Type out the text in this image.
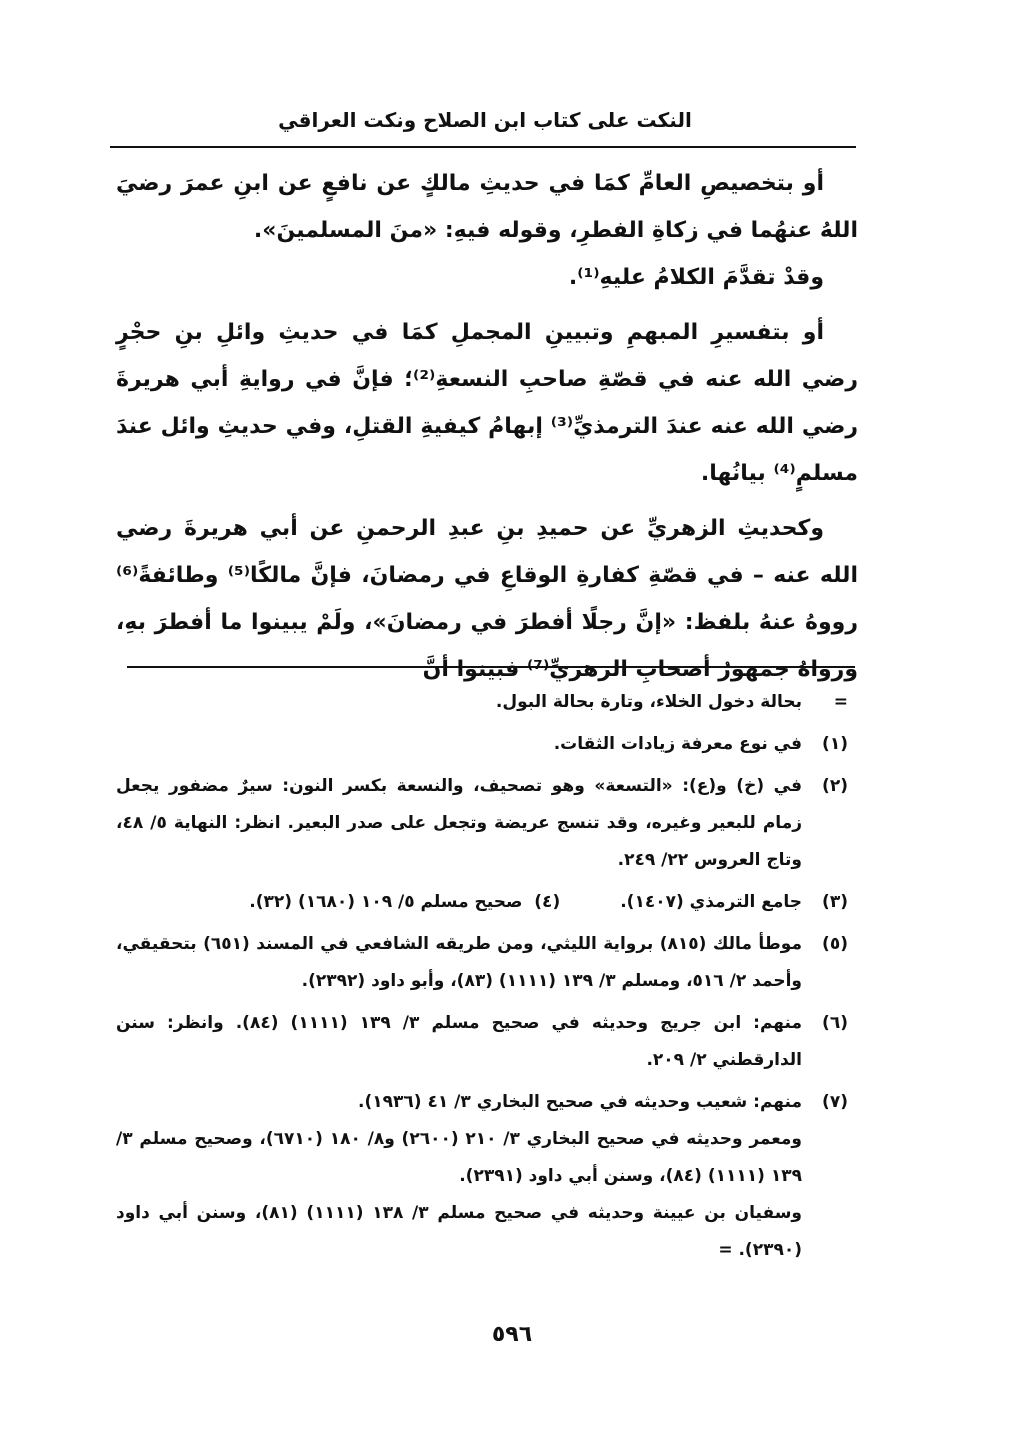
النكت على كتاب ابن الصلاح ونكت العراقي

أو بتخصيصِ العامِّ كمَا في حديثِ مالكٍ عن نافعٍ عن ابنِ عمرَ رضيَ اللهُ عنهُما في زكاةِ الفطرِ، وقوله فيهِ: «منَ المسلمينَ».

وقدْ تقدَّمَ الكلامُ عليهِ⁽¹⁾.

أو بتفسيرِ المبهمِ وتبيينِ المجملِ كمَا في حديثِ وائلِ بنِ حجْرٍ رضي الله عنه في قصّةِ صاحبِ النسعةِ⁽²⁾؛ فإنَّ في روايةِ أبي هريرةَ رضي الله عنه عندَ الترمذيِّ⁽³⁾ إبهامُ كيفيةِ القتلِ، وفي حديثِ وائل عندَ مسلمٍ⁽⁴⁾ بيانُها.

وكحديثِ الزهريِّ عن حميدِ بنِ عبدِ الرحمنِ عن أبي هريرةَ رضي الله عنه – في قصّةِ كفارةِ الوقاعِ في رمضانَ، فإنَّ مالكًا⁽⁵⁾ وطائفةً⁽⁶⁾ رووهُ عنهُ بلفظ: «إنَّ رجلًا أفطرَ في رمضانَ»، ولَمْ يبينوا ما أفطرَ بهِ، ورواهُ جمهورُ أصحابِ الزهريِّ⁽⁷⁾ فبينوا أنَّ

=
بحالة دخول الخلاء، وتارة بحالة البول.
(١)
في نوع معرفة زيادات الثقات.
(٢)
في (خ) و(ع): «التسعة» وهو تصحيف، والنسعة بكسر النون: سيرٌ مضفور يجعل زمام للبعير وغيره، وقد تنسج عريضة وتجعل على صدر البعير. انظر: النهاية ٥/ ٤٨، وتاج العروس ٢٢/ ٢٤٩.
(٣)
جامع الترمذي (١٤٠٧).(٤)  صحيح مسلم ٥/ ١٠٩ (١٦٨٠) (٣٢).
(٥)
موطأ مالك (٨١٥) برواية الليثي، ومن طريقه الشافعي في المسند (٦٥١) بتحقيقي، وأحمد ٢/ ٥١٦، ومسلم ٣/ ١٣٩ (١١١١) (٨٣)، وأبو داود (٢٣٩٢).
(٦)
منهم: ابن جريج وحديثه في صحيح مسلم ٣/ ١٣٩ (١١١١) (٨٤). وانظر: سنن الدارقطني ٢/ ٢٠٩.
(٧)

منهم: شعيب وحديثه في صحيح البخاري ٣/ ٤١ (١٩٣٦).

ومعمر وحديثه في صحيح البخاري ٣/ ٢١٠ (٢٦٠٠) و٨/ ١٨٠ (٦٧١٠)، وصحيح مسلم ٣/ ١٣٩ (١١١١) (٨٤)، وسنن أبي داود (٢٣٩١).

وسفيان بن عيينة وحديثه في صحيح مسلم ٣/ ١٣٨ (١١١١) (٨١)، وسنن أبي داود (٢٣٩٠). =

٥٩٦
